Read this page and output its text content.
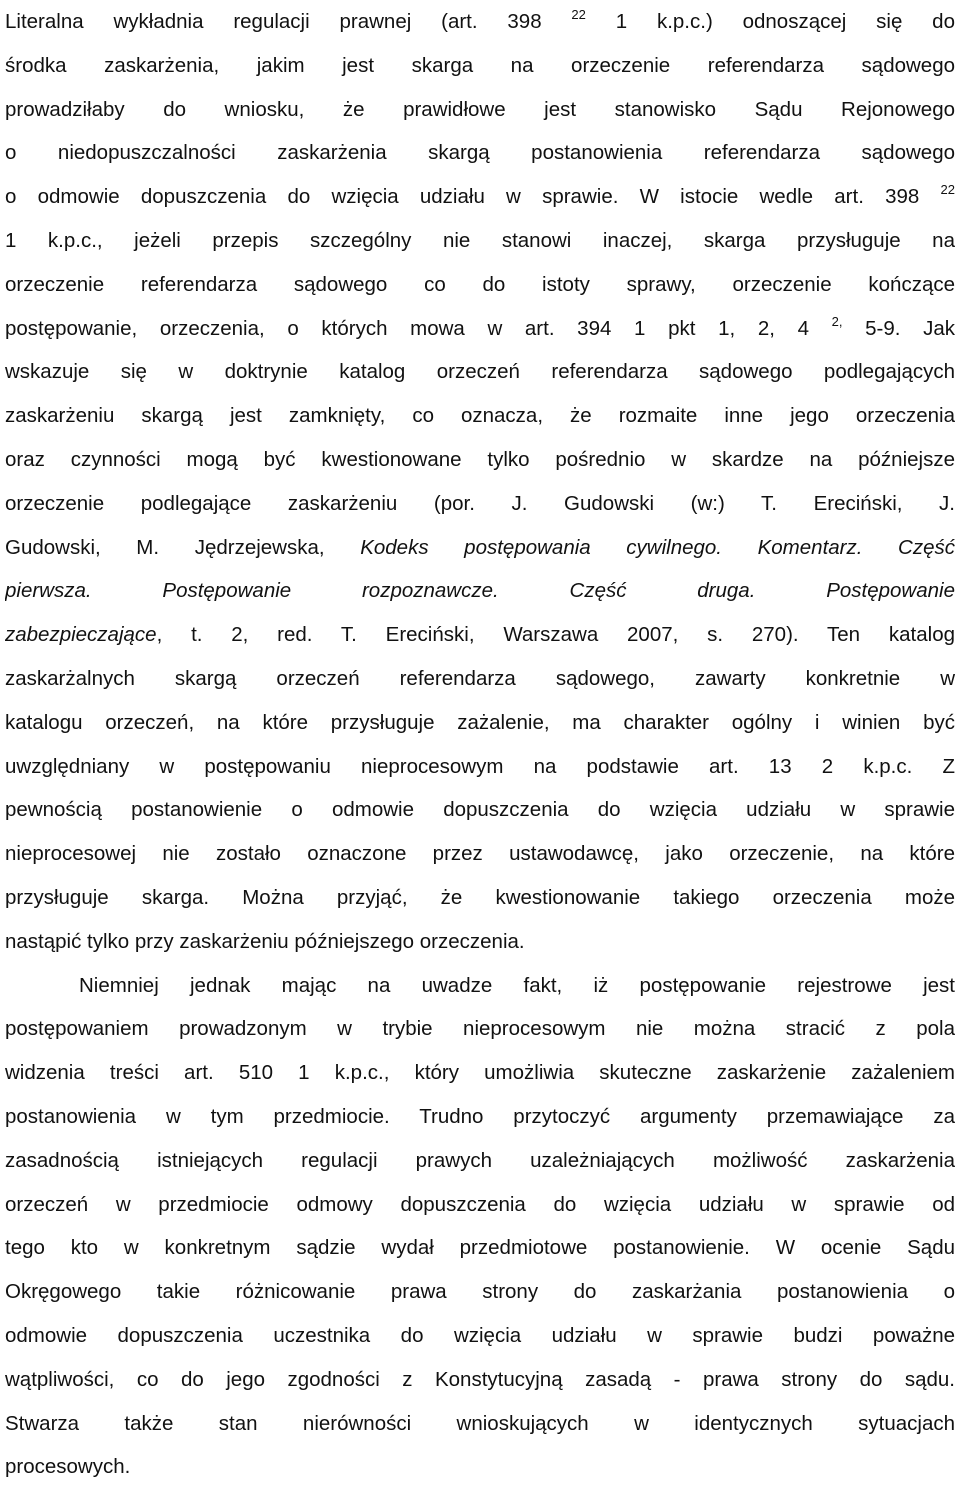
Literalna wykładnia regulacji prawnej (art. 398 $^{22}$ 1 k.p.c.) odnoszącej się do
środka zaskarżenia, jakim jest skarga na orzeczenie referendarza sądowego
prowadziłaby do wniosku, że prawidłowe jest stanowisko Sądu Rejonowego
o niedopuszczalności zaskarżenia skargą postanowienia referendarza sądowego
o odmowie dopuszczenia do wzięcia udziału w sprawie. W istocie wedle art. 398 $^{22}$
1 k.p.c., jeżeli przepis szczególny nie stanowi inaczej, skarga przysługuje na
orzeczenie referendarza sądowego co do istoty sprawy, orzeczenie kończące
postępowanie, orzeczenia, o których mowa w art. 394 1 pkt 1, 2, 4 $^{2,}$ 5-9. Jak
wskazuje się w doktrynie katalog orzeczeń referendarza sądowego podlegających
zaskarżeniu skargą jest zamknięty, co oznacza, że rozmaite inne jego orzeczenia
oraz czynności mogą być kwestionowane tylko pośrednio w skardze na późniejsze
orzeczenie podlegające zaskarżeniu (por. J. Gudowski (w:) T. Ereciński, J.
Gudowski, M. Jędrzejewska, Kodeks postępowania cywilnego. Komentarz. Część
pierwsza. Postępowanie rozpoznawcze. Część druga. Postępowanie
zabezpieczające, t. 2, red. T. Ereciński, Warszawa 2007, s. 270). Ten katalog
zaskarżalnych skargą orzeczeń referendarza sądowego, zawarty konkretnie w
katalogu orzeczeń, na które przysługuje zażalenie, ma charakter ogólny i winien być
uwzględniany w postępowaniu nieprocesowym na podstawie art. 13 2 k.p.c. Z
pewnością postanowienie o odmowie dopuszczenia do wzięcia udziału w sprawie
nieprocesowej nie zostało oznaczone przez ustawodawcę, jako orzeczenie, na które
przysługuje skarga. Można przyjąć, że kwestionowanie takiego orzeczenia może
nastąpić tylko przy zaskarżeniu późniejszego orzeczenia.
Niemniej jednak mając na uwadze fakt, iż postępowanie rejestrowe jest
postępowaniem prowadzonym w trybie nieprocesowym nie można stracić z pola
widzenia treści art. 510 1 k.p.c., który umożliwia skuteczne zaskarżenie zażaleniem
postanowienia w tym przedmiocie. Trudno przytoczyć argumenty przemawiające za
zasadnością istniejących regulacji prawych uzależniających możliwość zaskarżenia
orzeczeń w przedmiocie odmowy dopuszczenia do wzięcia udziału w sprawie od
tego kto w konkretnym sądzie wydał przedmiotowe postanowienie. W ocenie Sądu
Okręgowego takie różnicowanie prawa strony do zaskarżania postanowienia o
odmowie dopuszczenia uczestnika do wzięcia udziału w sprawie budzi poważne
wątpliwości, co do jego zgodności z Konstytucyjną zasadą - prawa strony do sądu.
Stwarza także stan nierówności wnioskujących w identycznych sytuacjach
procesowych.
